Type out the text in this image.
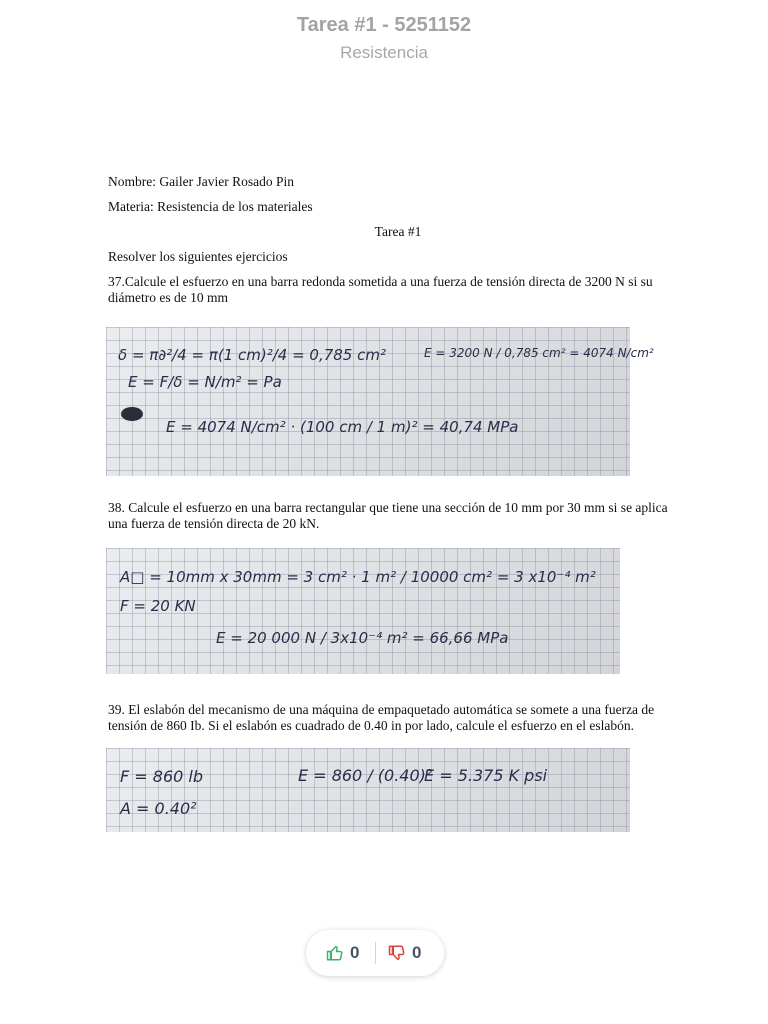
Tarea #1 - 5251152
Resistencia
Nombre: Gailer Javier Rosado Pin
Materia: Resistencia de los materiales
Tarea #1
Resolver los siguientes ejercicios
37.Calcule el esfuerzo en una barra redonda sometida a una fuerza de tensión directa de 3200 N si su diámetro es de 10 mm
δ = π∂²/4 = π(1 cm)²/4 = 0,785 cm²	E = 3200 N / 0,785 cm² = 4074 N/cm²
E = F/δ = N/m² = Pa
E = 4074 N/cm² · (100 cm / 1 m)² = 40,74 MPa
38. Calcule el esfuerzo en una barra rectangular que tiene una sección de 10 mm por 30 mm si se aplica una fuerza de tensión directa de 20 kN.
A□ = 10mm x 30mm = 3 cm² · 1 m² / 10000 cm² = 3 x10⁻⁴ m²
F = 20 KN
E = 20 000 N / 3x10⁻⁴ m² = 66,66 MPa
39. El eslabón del mecanismo de una máquina de empaquetado automática se somete a una fuerza de tensión de 860 Ib. Si el eslabón es cuadrado de 0.40 in por lado, calcule el esfuerzo en el eslabón.
F = 860 lb
A = 0.40²
E = 860 / (0.40)²
E = 5.375 K psi
0	0
